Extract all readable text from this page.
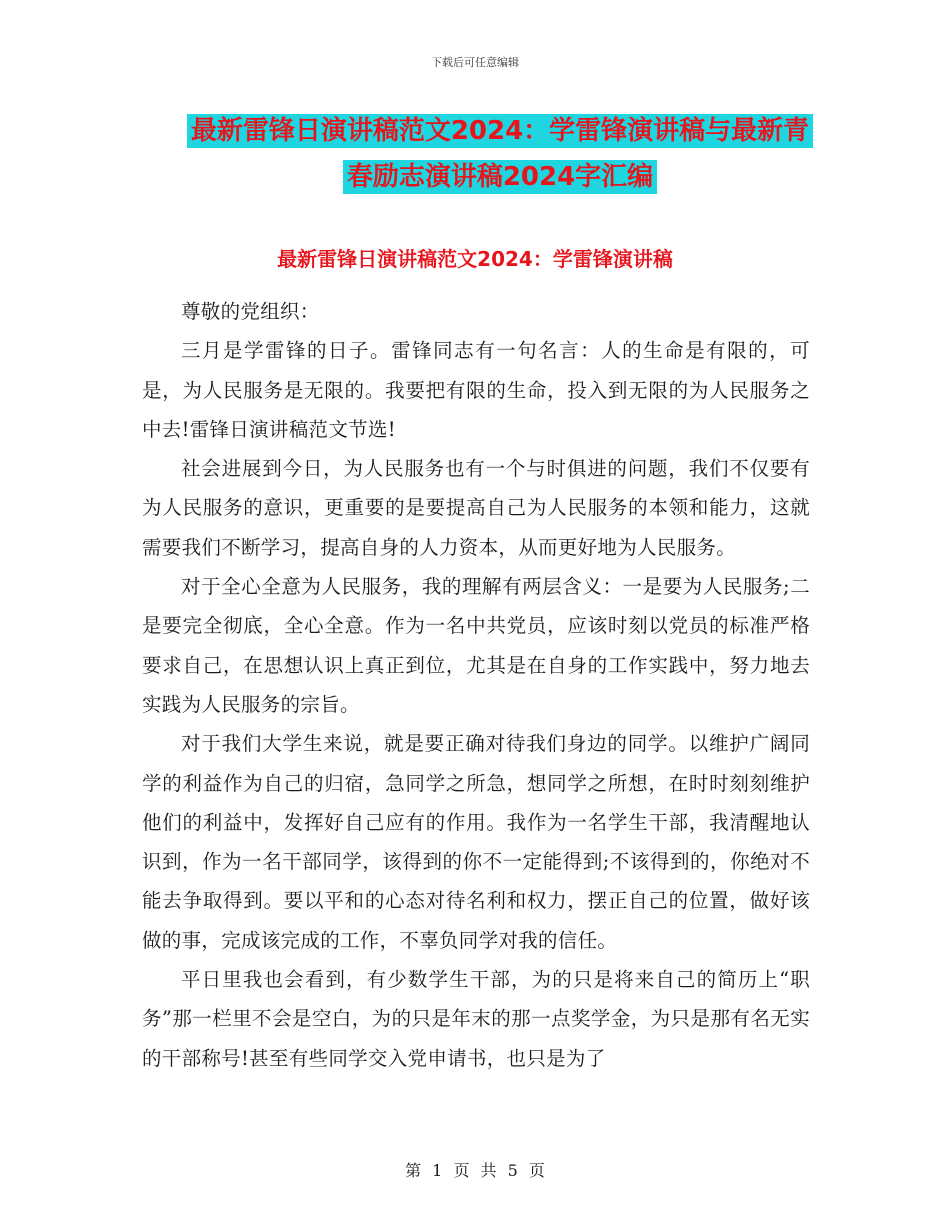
下载后可任意编辑
最新雷锋日演讲稿范文2024：学雷锋演讲稿与最新青
春励志演讲稿2024字汇编
最新雷锋日演讲稿范文2024：学雷锋演讲稿

尊敬的党组织：

三月是学雷锋的日子。雷锋同志有一句名言：人的生命是有限的，可是，为人民服务是无限的。我要把有限的生命，投入到无限的为人民服务之中去!雷锋日演讲稿范文节选!

社会进展到今日，为人民服务也有一个与时俱进的问题，我们不仅要有为人民服务的意识，更重要的是要提高自己为人民服务的本领和能力，这就需要我们不断学习，提高自身的人力资本，从而更好地为人民服务。

对于全心全意为人民服务，我的理解有两层含义：一是要为人民服务;二是要完全彻底，全心全意。作为一名中共党员，应该时刻以党员的标准严格要求自己，在思想认识上真正到位，尤其是在自身的工作实践中，努力地去实践为人民服务的宗旨。

对于我们大学生来说，就是要正确对待我们身边的同学。以维护广阔同学的利益作为自己的归宿，急同学之所急，想同学之所想，在时时刻刻维护他们的利益中，发挥好自己应有的作用。我作为一名学生干部，我清醒地认识到，作为一名干部同学，该得到的你不一定能得到;不该得到的，你绝对不能去争取得到。要以平和的心态对待名利和权力，摆正自己的位置，做好该做的事，完成该完成的工作，不辜负同学对我的信任。

平日里我也会看到，有少数学生干部，为的只是将来自己的简历上“职务”那一栏里不会是空白，为的只是年末的那一点奖学金，为只是那有名无实的干部称号!甚至有些同学交入党申请书，也只是为了

第 1 页 共 5 页
